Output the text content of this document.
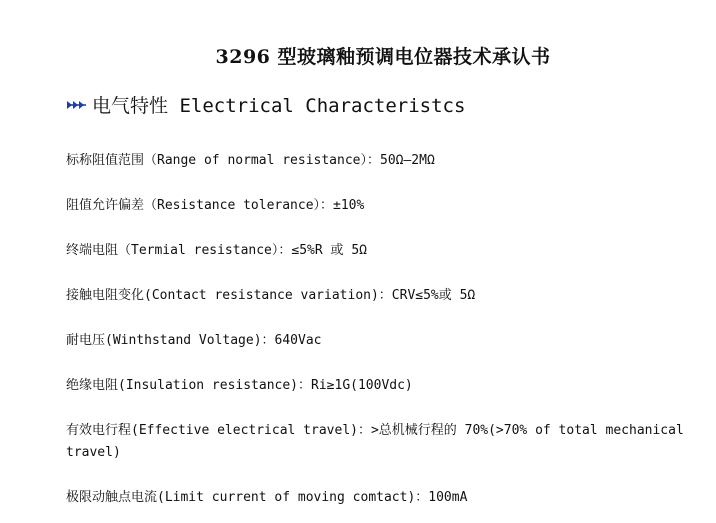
3296 型玻璃釉预调电位器技术承认书
电气特性 Electrical Characteristcs
标称阻值范围（Range of normal resistance）：50Ω—2MΩ
阻值允许偏差（Resistance tolerance）：±10%
终端电阻（Termial resistance）：≤5%R 或 5Ω
接触电阻变化(Contact resistance variation)：CRV≤5%或 5Ω
耐电压(Winthstand Voltage)：640Vac
绝缘电阻(Insulation resistance)：Ri≥1G(100Vdc)
有效电行程(Effective electrical travel)：>总机械行程的 70%(>70% of total mechanical travel)
极限动触点电流(Limit current of moving comtact)：100mA
